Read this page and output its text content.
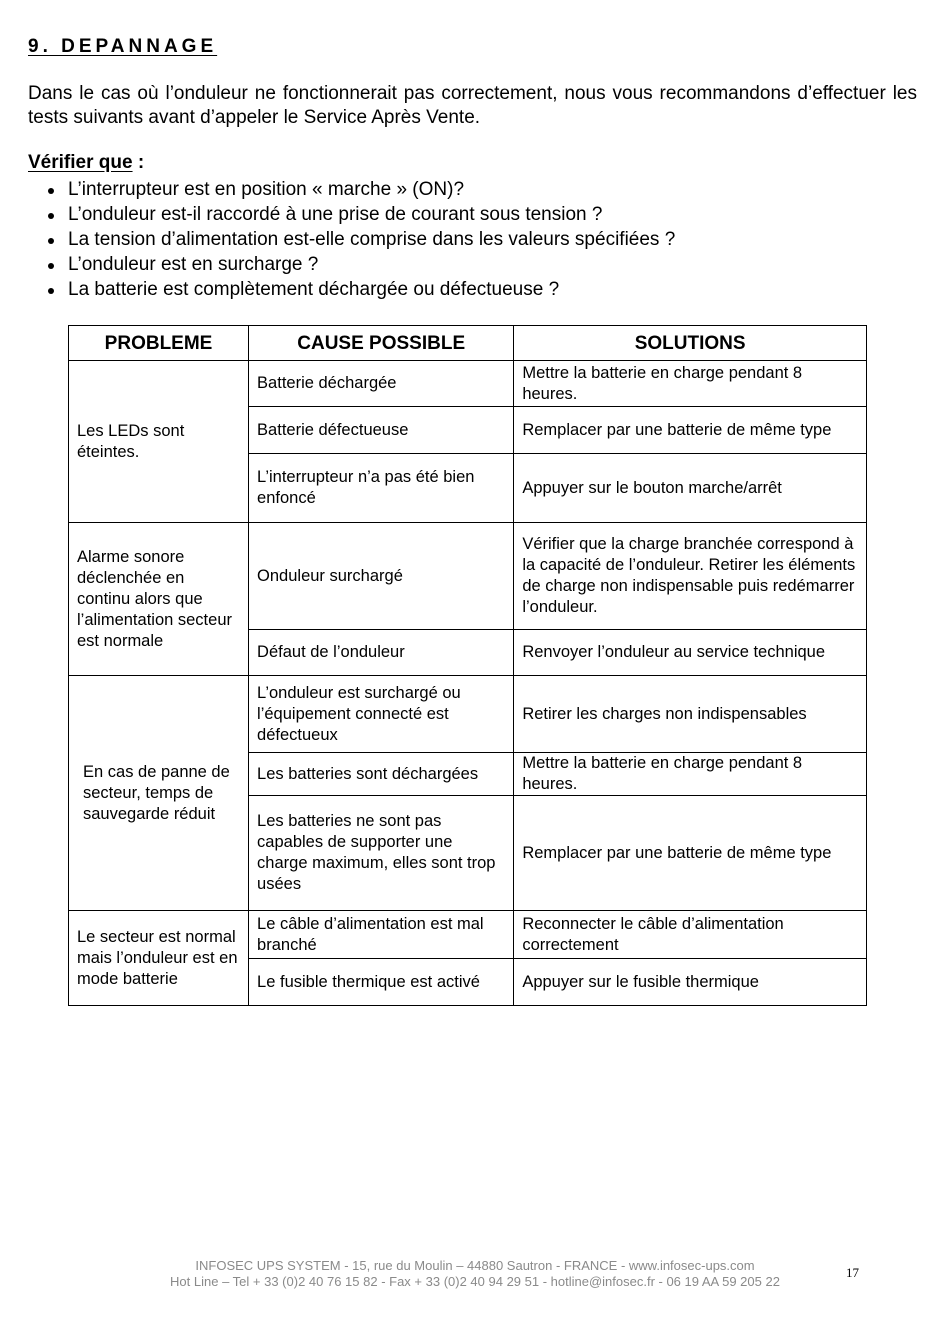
9. DEPANNAGE

Dans le cas où l’onduleur ne fonctionnerait pas correctement, nous vous recommandons d’effectuer les tests suivants avant d’appeler le Service Après Vente.

Vérifier que :

L’interrupteur est en position « marche » (ON)?
L’onduleur est-il raccordé à une prise de courant sous tension ?
La tension d’alimentation est-elle comprise dans les valeurs spécifiées ?
L’onduleur est en surcharge ?
La batterie est complètement déchargée ou défectueuse ?
PROBLEME	CAUSE POSSIBLE	SOLUTIONS
Les LEDs sont éteintes.	Batterie déchargée	Mettre la batterie en charge pendant 8 heures.
	Batterie défectueuse	Remplacer par une batterie de même type
	L’interrupteur n’a pas été bien enfoncé	Appuyer sur le bouton marche/arrêt
Alarme sonore déclenchée en continu alors que l’alimentation secteur est normale	Onduleur surchargé	Vérifier que la charge branchée correspond à la capacité de l’onduleur. Retirer les éléments de charge non indispensable puis redémarrer l’onduleur.
	Défaut de l’onduleur	Renvoyer l’onduleur au service technique
En cas de panne de secteur, temps de sauvegarde réduit	L’onduleur est surchargé ou l’équipement connecté est défectueux	Retirer les charges non indispensables
	Les batteries sont déchargées	Mettre la batterie en charge pendant 8 heures.
	Les batteries ne sont pas capables de supporter une charge maximum, elles sont trop usées	Remplacer par une batterie de même type
Le secteur est normal mais l’onduleur est en mode batterie	Le câble d’alimentation est mal branché	Reconnecter le câble d’alimentation correctement
	Le fusible thermique est activé	Appuyer sur le fusible thermique
INFOSEC UPS SYSTEM - 15, rue du Moulin – 44880 Sautron - FRANCE - www.infosec-ups.com
Hot Line – Tel + 33 (0)2 40 76 15 82 - Fax + 33 (0)2 40 94 29 51 - hotline@infosec.fr - 06 19 AA 59 205 22
17
